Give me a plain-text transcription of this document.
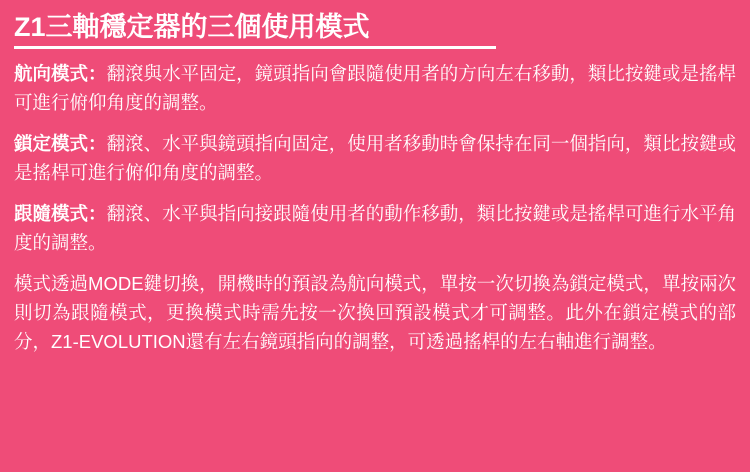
Z1三軸穩定器的三個使用模式

航向模式：翻滾與水平固定，鏡頭指向會跟隨使用者的方向左右移動，類比按鍵或是搖桿可進行俯仰角度的調整。

鎖定模式：翻滾、水平與鏡頭指向固定，使用者移動時會保持在同一個指向，類比按鍵或是搖桿可進行俯仰角度的調整。

跟隨模式：翻滾、水平與指向接跟隨使用者的動作移動，類比按鍵或是搖桿可進行水平角度的調整。

模式透過MODE鍵切換，開機時的預設為航向模式，單按一次切換為鎖定模式，單按兩次則切為跟隨模式，更換模式時需先按一次換回預設模式才可調整。此外在鎖定模式的部分，Z1-EVOLUTION還有左右鏡頭指向的調整，可透過搖桿的左右軸進行調整。
